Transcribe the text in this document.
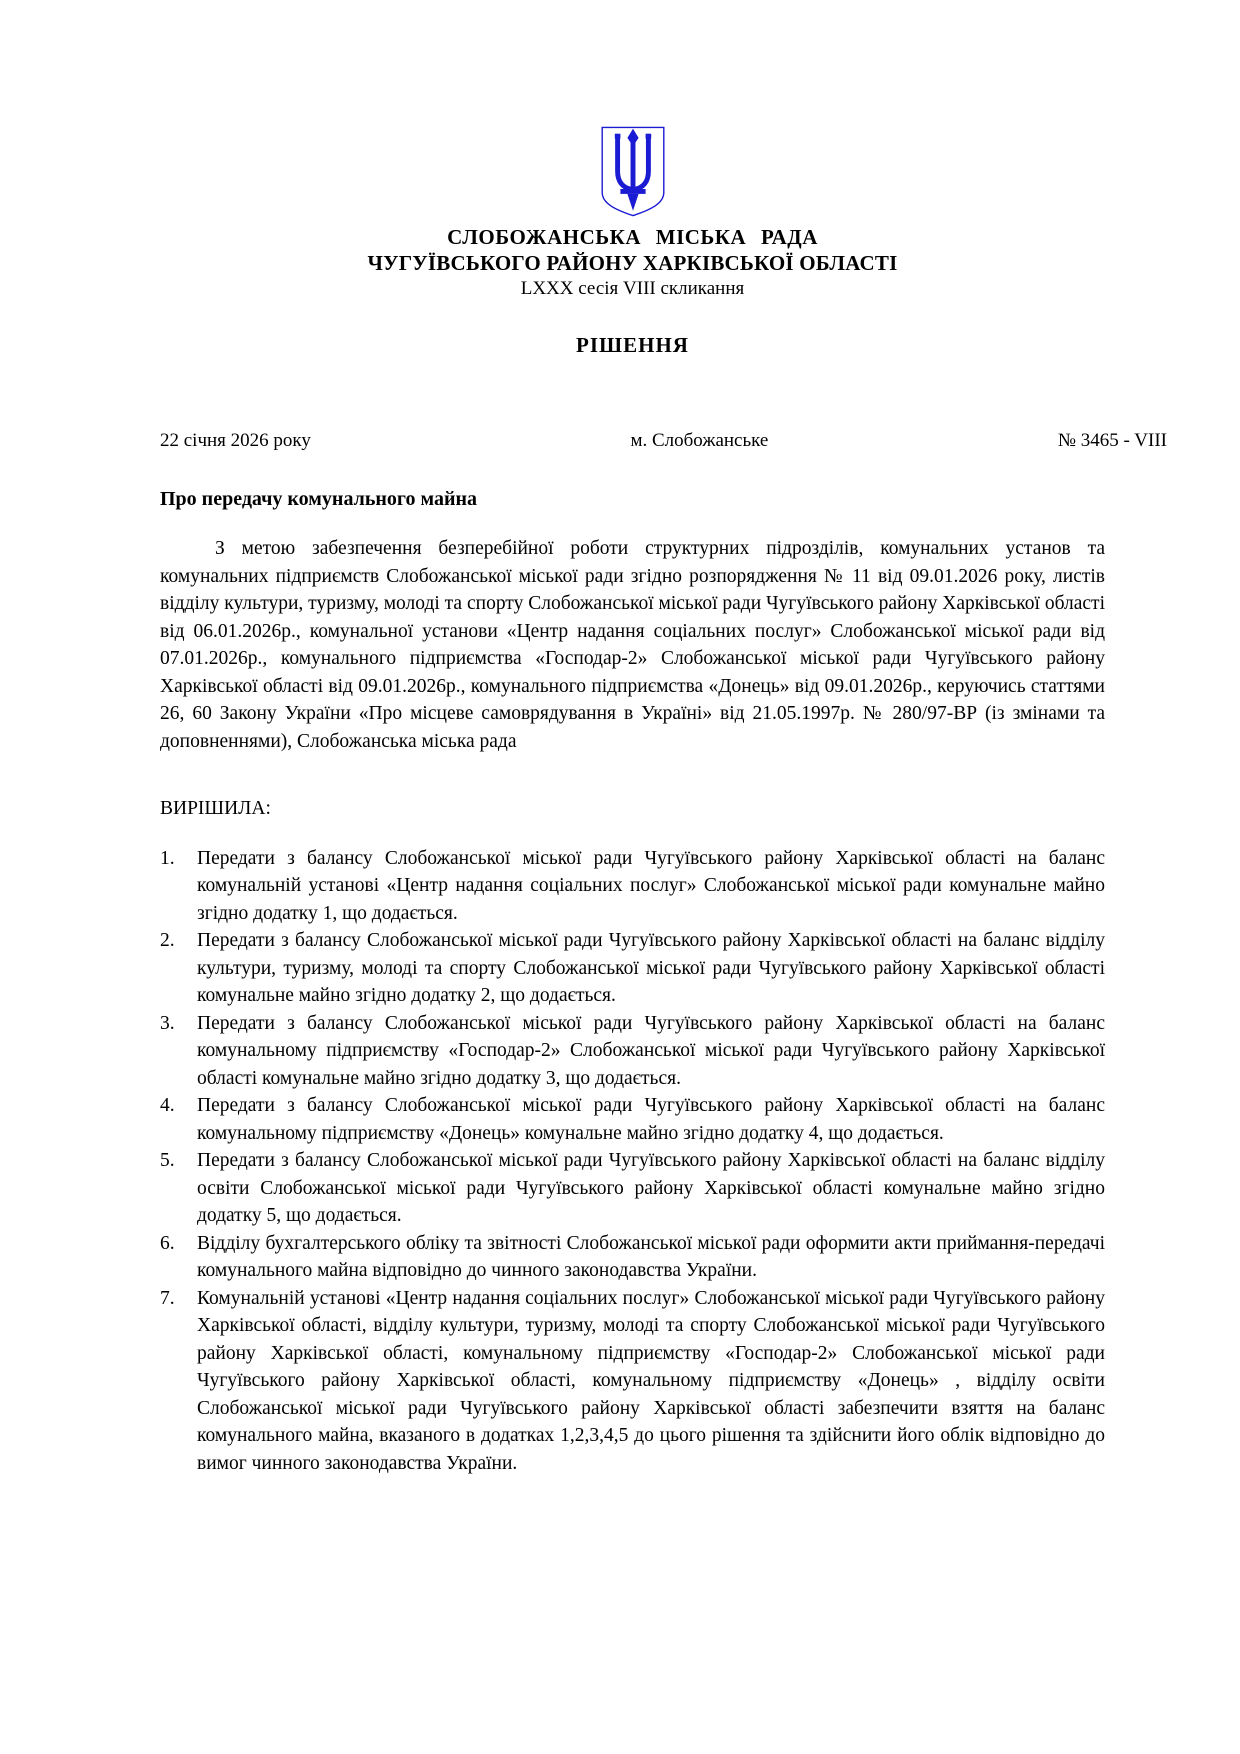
СЛОБОЖАНСЬКА МІСЬКА РАДА
ЧУГУЇВСЬКОГО РАЙОНУ ХАРКІВСЬКОЇ ОБЛАСТІ
LXXX сесія VIII скликання
РІШЕННЯ
22 січня 2026 року	м. Слобожанське	№ 3465 - VIII
Про передачу комунального майна
З метою забезпечення безперебійної роботи структурних підрозділів, комунальних установ та комунальних підприємств Слобожанської міської ради згідно розпорядження № 11 від 09.01.2026 року, листів відділу культури, туризму, молоді та спорту Слобожанської міської ради Чугуївського району Харківської області від 06.01.2026р., комунальної установи «Центр надання соціальних послуг» Слобожанської міської ради від 07.01.2026р., комунального підприємства «Господар-2» Слобожанської міської ради Чугуївського району Харківської області від 09.01.2026р., комунального підприємства «Донець» від 09.01.2026р., керуючись статтями 26, 60 Закону України «Про місцеве самоврядування в Україні» від 21.05.1997р. № 280/97-ВР (із змінами та доповненнями), Слобожанська міська рада
ВИРІШИЛА:
1.	Передати з балансу Слобожанської міської ради Чугуївського району Харківської області на баланс комунальній установі «Центр надання соціальних послуг» Слобожанської міської ради комунальне майно згідно додатку 1, що додається.
2.	Передати з балансу Слобожанської міської ради Чугуївського району Харківської області на баланс відділу культури, туризму, молоді та спорту Слобожанської міської ради Чугуївського району Харківської області комунальне майно згідно додатку 2, що додається.
3.	Передати з балансу Слобожанської міської ради Чугуївського району Харківської області на баланс комунальному підприємству «Господар-2» Слобожанської міської ради Чугуївського району Харківської області комунальне майно згідно додатку 3, що додається.
4.	Передати з балансу Слобожанської міської ради Чугуївського району Харківської області на баланс комунальному підприємству «Донець» комунальне майно згідно додатку 4, що додається.
5.	Передати з балансу Слобожанської міської ради Чугуївського району Харківської області на баланс відділу освіти Слобожанської міської ради Чугуївського району Харківської області комунальне майно згідно додатку 5, що додається.
6.	Відділу бухгалтерського обліку та звітності Слобожанської міської ради оформити акти приймання-передачі комунального майна відповідно до чинного законодавства України.
7.	Комунальній установі «Центр надання соціальних послуг» Слобожанської міської ради Чугуївського району Харківської області, відділу культури, туризму, молоді та спорту Слобожанської міської ради Чугуївського району Харківської області, комунальному підприємству «Господар-2» Слобожанської міської ради Чугуївського району Харківської області, комунальному підприємству «Донець» , відділу освіти Слобожанської міської ради Чугуївського району Харківської області забезпечити взяття на баланс комунального майна, вказаного в додатках 1,2,3,4,5 до цього рішення та здійснити його облік відповідно до вимог чинного законодавства України.
